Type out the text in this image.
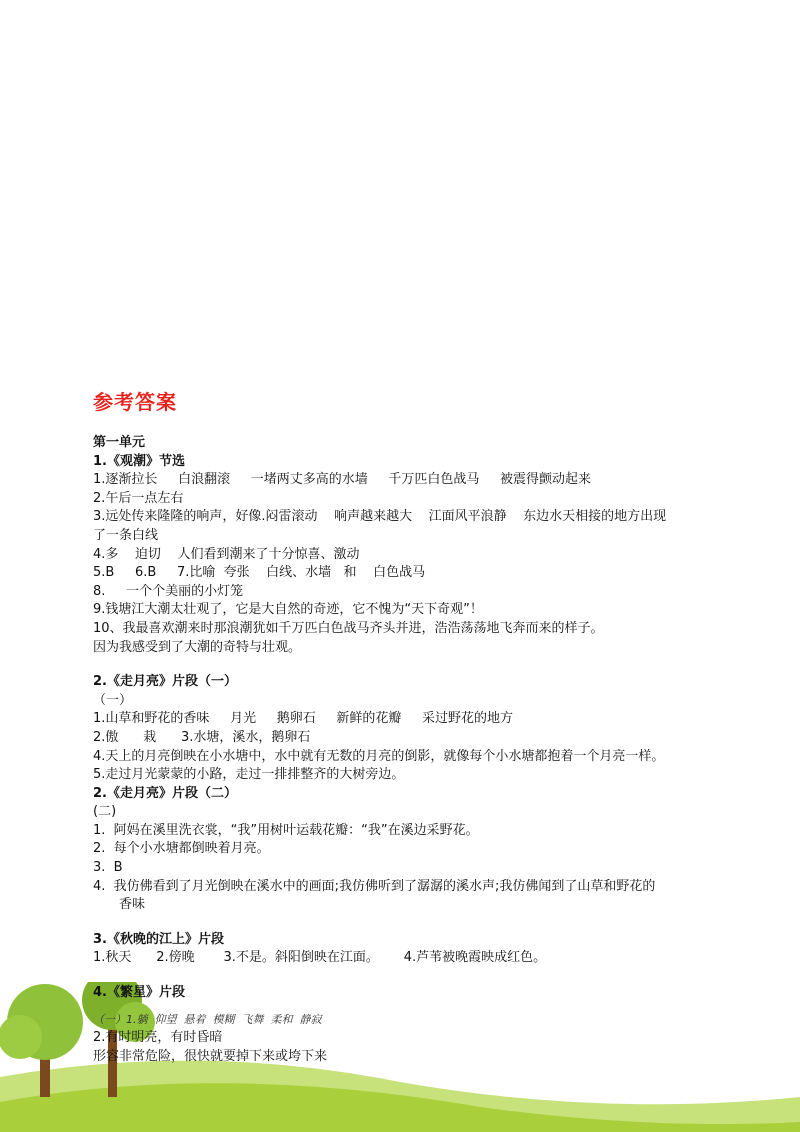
参考答案
第一单元
1.《观潮》节选
1.逐渐拉长     白浪翻滚     一堵两丈多高的水墙     千万匹白色战马     被震得颤动起来
2.午后一点左右
3.远处传来隆隆的响声，好像.闷雷滚动    响声越来越大    江面风平浪静    东边水天相接的地方出现
了一条白线
4.多    迫切    人们看到潮来了十分惊喜、激动
5.B     6.B     7.比喻  夸张    白线、水墙   和    白色战马
8.     一个个美丽的小灯笼
9.钱塘江大潮太壮观了，它是大自然的奇迹，它不愧为“天下奇观”！
10、我最喜欢潮来时那浪潮犹如千万匹白色战马齐头并进，浩浩荡荡地飞奔而来的样子。
因为我感受到了大潮的奇特与壮观。
2.《走月亮》片段（一）
（一）
1.山草和野花的香味     月光     鹅卵石     新鲜的花瓣     采过野花的地方
2.傲      栽      3.水塘，溪水，鹅卵石
4.天上的月亮倒映在小水塘中，水中就有无数的月亮的倒影，就像每个小水塘都抱着一个月亮一样。
5.走过月光蒙蒙的小路，走过一排排整齐的大树旁边。
2.《走月亮》片段（二）
(二)
1.  阿妈在溪里洗衣裳，“我”用树叶运载花瓣：“我”在溪边采野花。
2.  每个小水塘都倒映着月亮。
3.  B
4.  我仿佛看到了月光倒映在溪水中的画面;我仿佛听到了潺潺的溪水声;我仿佛闻到了山草和野花的
香味
3.《秋晚的江上》片段
1.秋天      2.傍晚       3.不是。斜阳倒映在江面。      4.芦苇被晚霞映成红色。
4.《繁星》片段
（一）1.躺  仰望  悬着  模糊  飞舞  柔和  静寂
2.有时明亮，有时昏暗
形容非常危险，很快就要掉下来或垮下来
